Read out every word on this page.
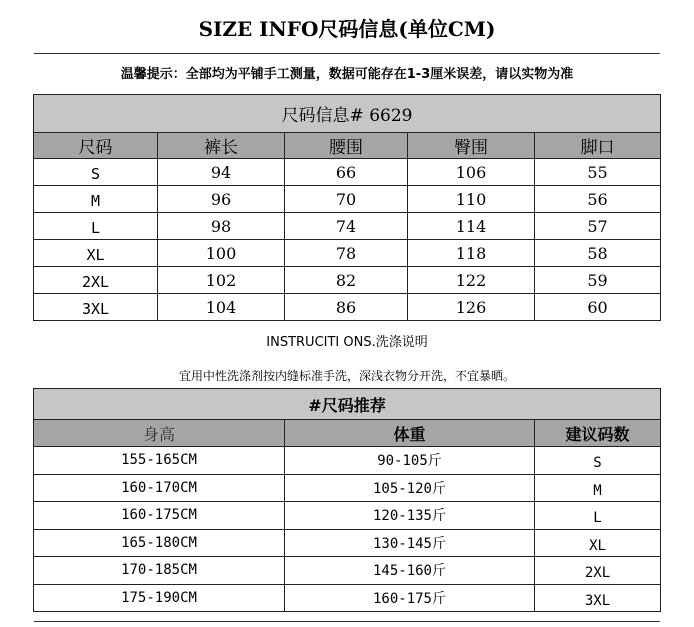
SIZE INFO尺码信息(单位CM)
温馨提示：全部均为平铺手工测量，数据可能存在1-3厘米误差，请以实物为准
尺码信息# 6629				
尺码	裤长	腰围	臀围	脚口
S	94	66	106	55
M	96	70	110	56
L	98	74	114	57
XL	100	78	118	58
2XL	102	82	122	59
3XL	104	86	126	60
INSTRUCITI ONS.洗涤说明
宜用中性洗涤剂按内缝标准手洗，深浅衣物分开洗，不宜暴晒。
#尺码推荐		
身高	体重	建议码数
155-165CM	90-105斤	S
160-170CM	105-120斤	M
160-175CM	120-135斤	L
165-180CM	130-145斤	XL
170-185CM	145-160斤	2XL
175-190CM	160-175斤	3XL
